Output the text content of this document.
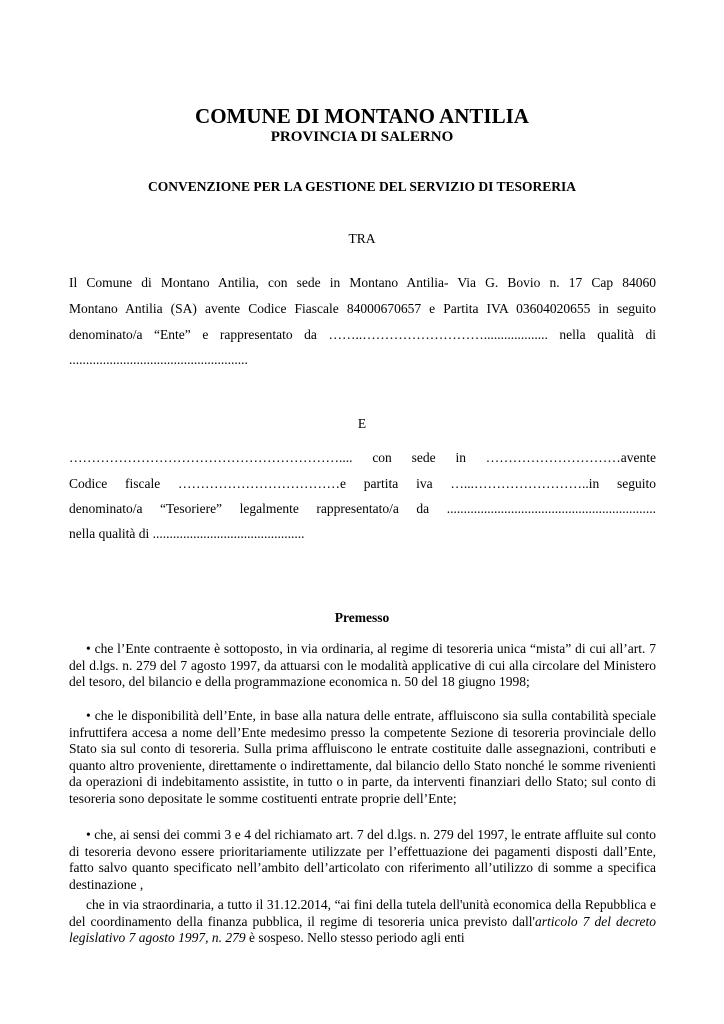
COMUNE DI MONTANO ANTILIA
PROVINCIA DI SALERNO
CONVENZIONE PER LA GESTIONE DEL SERVIZIO DI TESORERIA
TRA
Il Comune di Montano Antilia, con sede in Montano Antilia- Via G. Bovio n. 17 Cap 84060
Montano Antilia (SA) avente Codice Fiascale 84000670657 e Partita IVA 03604020655 in seguito
denominato/a “Ente” e rappresentato da ……..………………………................... nella qualità di
.....................................................
E
…………………………………………………….... con sede in …………………………avente
Codice fiscale ………………………………e partita iva …...……………………..in seguito
denominato/a “Tesoriere” legalmente rappresentato/a da ..............................................................
nella qualità di .............................................
Premesso
• che l’Ente contraente è sottoposto, in via ordinaria, al regime di tesoreria unica “mista” di cui all’art. 7 del d.lgs. n. 279 del 7 agosto 1997, da attuarsi con le modalità applicative di cui alla circolare del Ministero del tesoro, del bilancio e della programmazione economica n. 50 del 18 giugno 1998;
• che le disponibilità dell’Ente, in base alla natura delle entrate, affluiscono sia sulla contabilità speciale infruttifera accesa a nome dell’Ente medesimo presso la competente Sezione di tesoreria provinciale dello Stato sia sul conto di tesoreria. Sulla prima affluiscono le entrate costituite dalle assegnazioni, contributi e quanto altro proveniente, direttamente o indirettamente, dal bilancio dello Stato nonché le somme rivenienti da operazioni di indebitamento assistite, in tutto o in parte, da interventi finanziari dello Stato; sul conto di tesoreria sono depositate le somme costituenti entrate proprie dell’Ente;
• che, ai sensi dei commi 3 e 4 del richiamato art. 7 del d.lgs. n. 279 del 1997, le entrate affluite sul conto di tesoreria devono essere prioritariamente utilizzate per l’effettuazione dei pagamenti disposti dall’Ente, fatto salvo quanto specificato nell’ambito dell’articolato con riferimento all’utilizzo di somme a specifica destinazione ,
che in via straordinaria, a tutto il 31.12.2014, “ai fini della tutela dell'unità economica della Repubblica e del coordinamento della finanza pubblica, il regime di tesoreria unica previsto dall'articolo 7 del decreto legislativo 7 agosto 1997, n. 279 è sospeso. Nello stesso periodo agli enti
